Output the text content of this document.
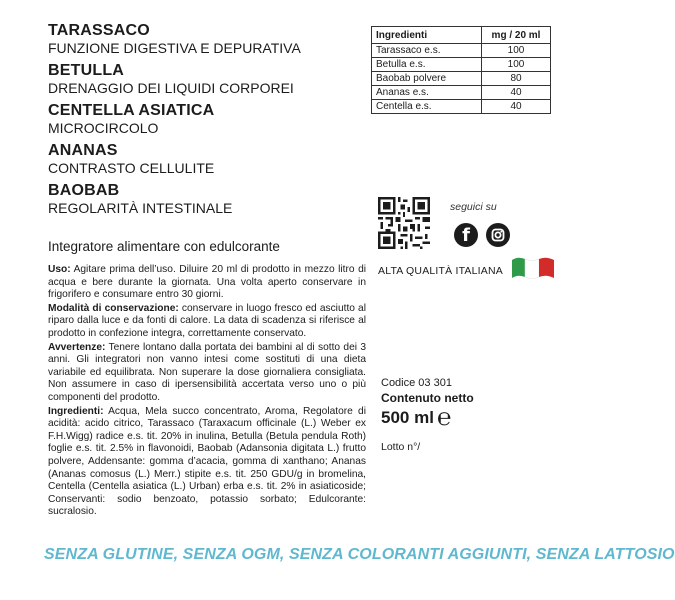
TARASSACO
FUNZIONE DIGESTIVA E DEPURATIVA
BETULLA
DRENAGGIO DEI LIQUIDI CORPOREI
CENTELLA ASIATICA
MICROCIRCOLO
ANANAS
CONTRASTO CELLULITE
BAOBAB
REGOLARITÀ INTESTINALE
Integratore alimentare con edulcorante

Uso: Agitare prima dell’uso. Diluire 20 ml di prodotto in mezzo litro di acqua e bere durante la giornata. Una volta aperto conservare in frigorifero e consumare entro 30 giorni.

Modalità di conservazione: conservare in luogo fresco ed asciutto al riparo dalla luce e da fonti di calore. La data di scadenza si riferisce al prodotto in confezione integra, correttamente conservato.

Avvertenze: Tenere lontano dalla portata dei bambini al di sotto dei 3 anni. Gli integratori non vanno intesi come sostituti di una dieta variabile ed equilibrata. Non superare la dose giornaliera consigliata. Non assumere in caso di ipersensibilità accertata verso uno o più componenti del prodotto.

Ingredienti: Acqua, Mela succo concentrato, Aroma, Regolatore di acidità: acido citrico, Tarassaco (Taraxacum officinale (L.) Weber ex F.H.Wigg) radice e.s. tit. 20% in inulina, Betulla (Betula pendula Roth) foglie e.s. tit. 2.5% in flavonoidi, Baobab (Adansonia digitata L.) frutto polvere, Addensante: gomma d’acacia, gomma di xanthano; Ananas (Ananas comosus (L.) Merr.) stipite e.s. tit. 250 GDU/g in bromelina, Centella (Centella asiatica (L.) Urban) erba e.s. tit. 2% in asiaticoside; Conservanti: sodio benzoato, potassio sorbato; Edulcorante: sucralosio.

Ingredienti	mg / 20 ml
Tarassaco e.s.	100
Betulla e.s.	100
Baobab polvere	80
Ananas e.s.	40
Centella e.s.	40
seguici su
f
ALTA QUALITÀ ITALIANA
Codice 03 301
Contenuto netto
500 ml ℮
Lotto n°/
SENZA GLUTINE, SENZA OGM, SENZA COLORANTI AGGIUNTI, SENZA LATTOSIO
